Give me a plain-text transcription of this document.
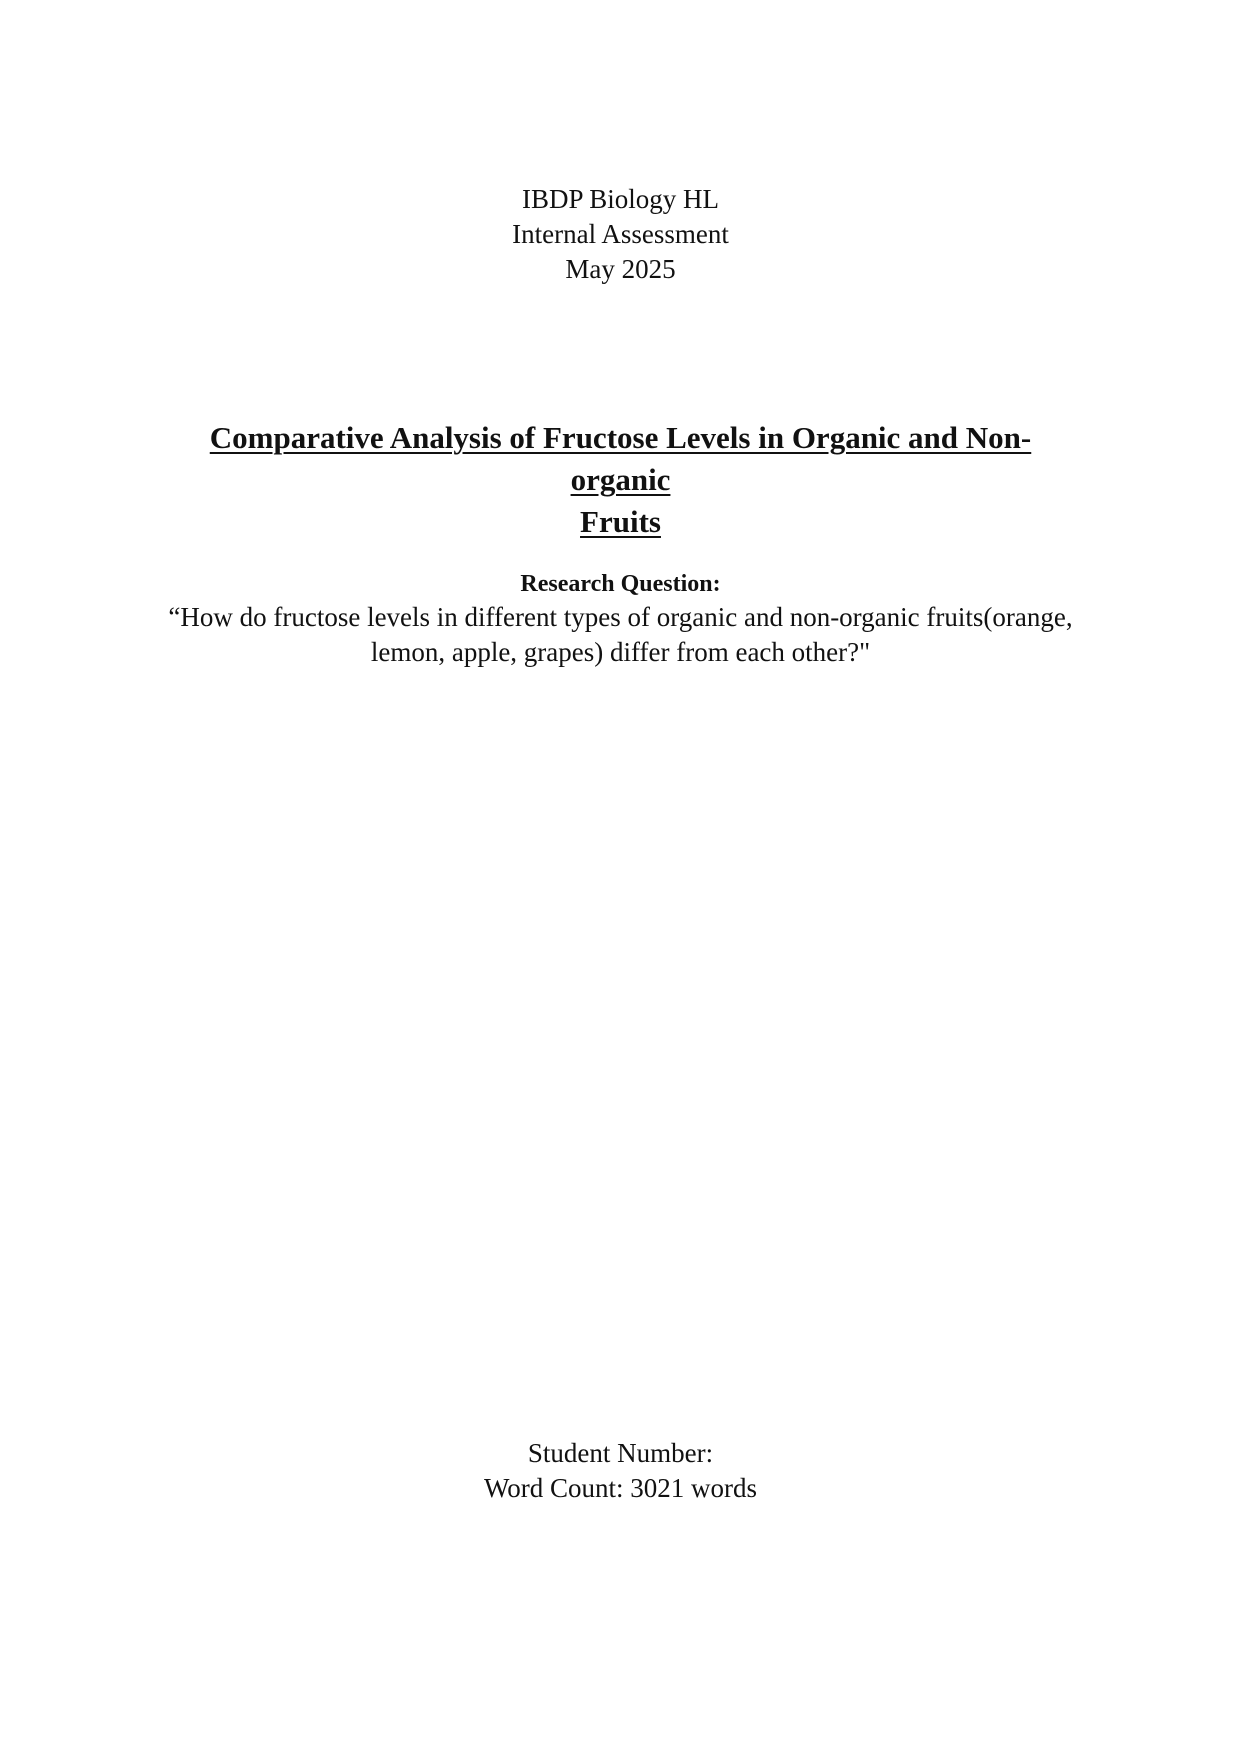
IBDP Biology HL
Internal Assessment
May 2025
Comparative Analysis of Fructose Levels in Organic and Non-organic
Fruits
Research Question:
“How do fructose levels in different types of organic and non-organic fruits(orange,
lemon, apple, grapes) differ from each other?"
Student Number:
Word Count: 3021 words
